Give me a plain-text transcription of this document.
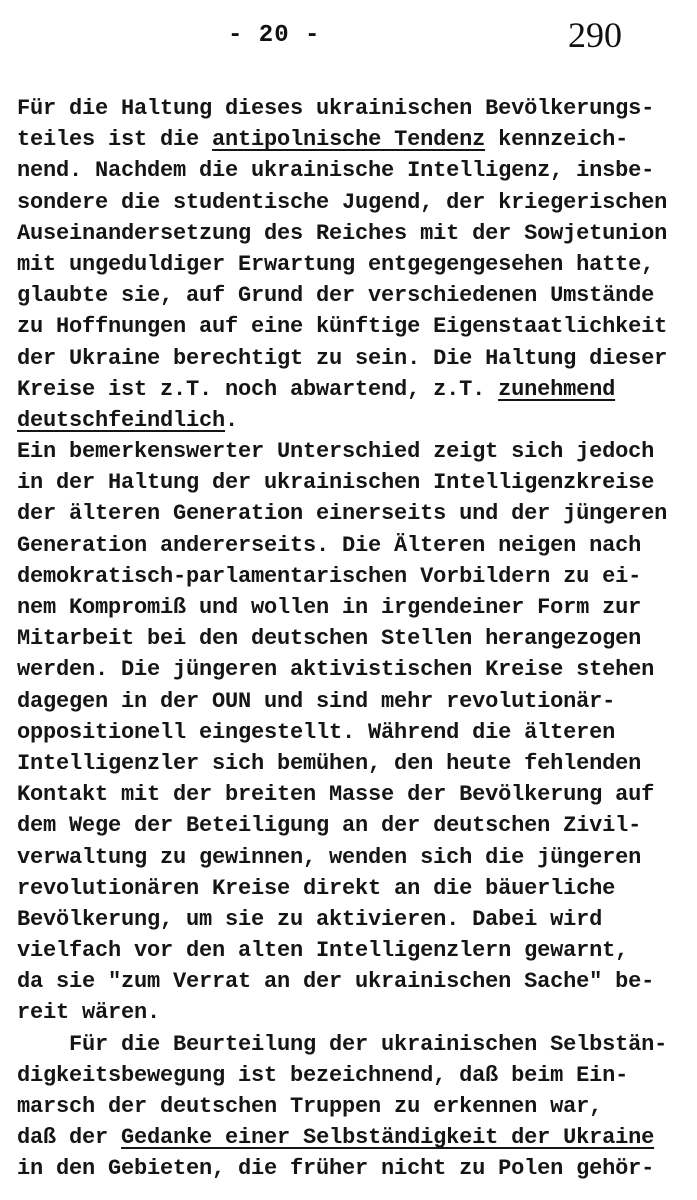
- 20 -	290
Für die Haltung dieses ukrainischen Bevölkerungs-
teiles ist die antipolnische Tendenz kennzeich-
nend. Nachdem die ukrainische Intelligenz, insbe-
sondere die studentische Jugend, der kriegerischen
Auseinandersetzung des Reiches mit der Sowjetunion
mit ungeduldiger Erwartung entgegengesehen hatte,
glaubte sie, auf Grund der verschiedenen Umstände
zu Hoffnungen auf eine künftige Eigenstaatlichkeit
der Ukraine berechtigt zu sein. Die Haltung dieser
Kreise ist z.T. noch abwartend, z.T. zunehmend
deutschfeindlich.
Ein bemerkenswerter Unterschied zeigt sich jedoch
in der Haltung der ukrainischen Intelligenzkreise
der älteren Generation einerseits und der jüngeren
Generation andererseits. Die Älteren neigen nach
demokratisch-parlamentarischen Vorbildern zu ei-
nem Kompromiß und wollen in irgendeiner Form zur
Mitarbeit bei den deutschen Stellen herangezogen
werden. Die jüngeren aktivistischen Kreise stehen
dagegen in der OUN und sind mehr revolutionär-
oppositionell eingestellt. Während die älteren
Intelligenzler sich bemühen, den heute fehlenden
Kontakt mit der breiten Masse der Bevölkerung auf
dem Wege der Beteiligung an der deutschen Zivil-
verwaltung zu gewinnen, wenden sich die jüngeren
revolutionären Kreise direkt an die bäuerliche
Bevölkerung, um sie zu aktivieren. Dabei wird
vielfach vor den alten Intelligenzlern gewarnt,
da sie "zum Verrat an der ukrainischen Sache" be-
reit wären.
Für die Beurteilung der ukrainischen Selbstän-
digkeitsbewegung ist bezeichnend, daß beim Ein-
marsch der deutschen Truppen zu erkennen war,
daß der Gedanke einer Selbständigkeit der Ukraine
in den Gebieten, die früher nicht zu Polen gehör-
